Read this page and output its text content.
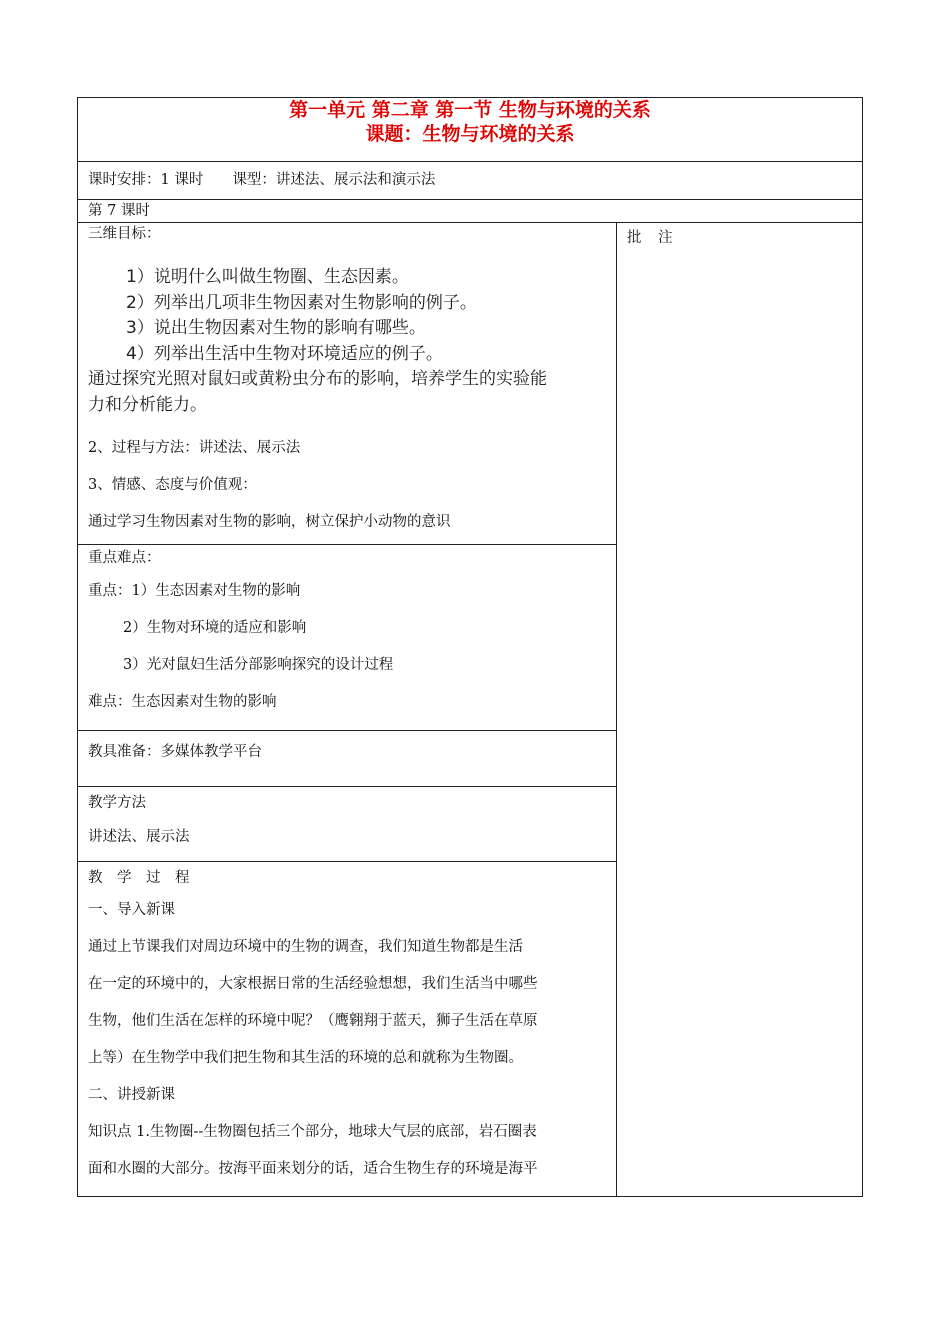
第一单元 第二章 第一节 生物与环境的关系
课题：生物与环境的关系

课时安排：1 课时　　课型：讲述法、展示法和演示法

第 7 课时

三维目标：

1）说明什么叫做生物圈、生态因素。
2）列举出几项非生物因素对生物影响的例子。
3）说出生物因素对生物的影响有哪些。
4）列举出生活中生物对环境适应的例子。
通过探究光照对鼠妇或黄粉虫分布的影响，培养学生的实验能
力和分析能力。

2、过程与方法：讲述法、展示法

3、情感、态度与价值观：

通过学习生物因素对生物的影响，树立保护小动物的意识

批 注

重点难点：

重点：1）生态因素对生物的影响

2）生物对环境的适应和影响

3）光对鼠妇生活分部影响探究的设计过程

难点：生态因素对生物的影响

教具准备：多媒体教学平台

教学方法

讲述法、展示法

教　学　过　程

一、导入新课

通过上节课我们对周边环境中的生物的调查，我们知道生物都是生活

在一定的环境中的，大家根据日常的生活经验想想，我们生活当中哪些

生物，他们生活在怎样的环境中呢？（鹰翱翔于蓝天，狮子生活在草原

上等）在生物学中我们把生物和其生活的环境的总和就称为生物圈。

二、讲授新课

知识点 1.生物圈--生物圈包括三个部分，地球大气层的底部，岩石圈表

面和水圈的大部分。按海平面来划分的话，适合生物生存的环境是海平
